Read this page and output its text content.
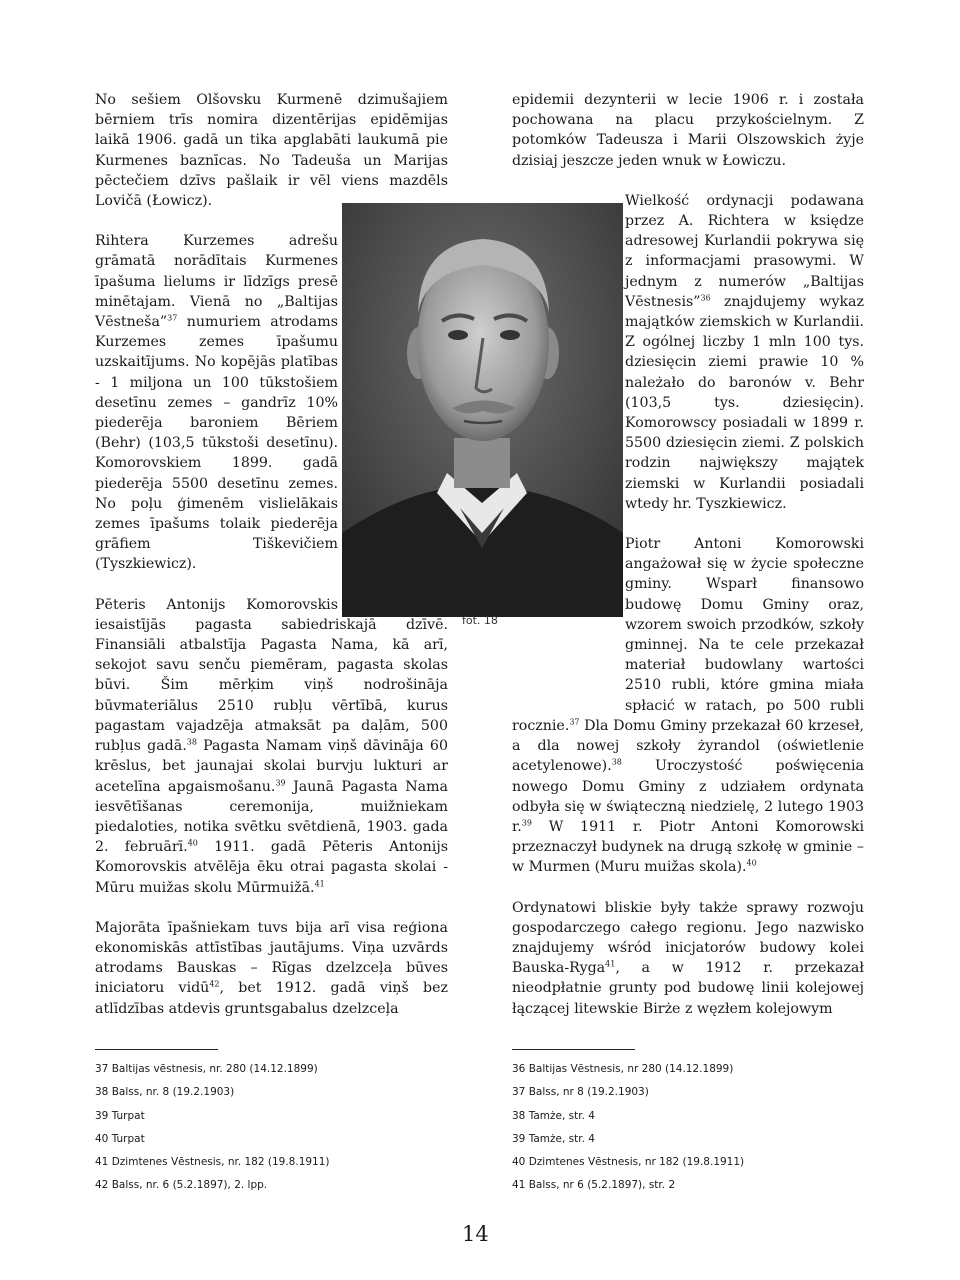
No sešiem Olšovsku Kurmenē dzimušajiem bērniem trīs nomira dizentērijas epidēmijas laikā 1906. gadā un tika apglabāti laukumā pie Kurmenes baznīcas. No Tadeuša un Marijas pēctečiem dzīvs pašlaik ir vēl viens mazdēls Lovičā (Łowicz).

Rihtera Kurzemes adrešu grāmatā norādītais Kurmenes īpašuma lielums ir līdzīgs presē minētajam. Vienā no „Baltijas Vēstneša”$^{37}$ numuriem atrodams Kurzemes zemes īpašumu uzskaitījums. No kopējās platības - 1 miljona un 100 tūkstošiem desetīnu zemes – gandrīz 10% piederēja baroniem Bēriem (Behr) (103,5 tūkstoši desetīnu). Komorovskiem 1899. gadā piederēja 5500 desetīnu zemes. No poļu ģimenēm vislielākais zemes īpašums tolaik piederēja grāfiem Tiškevičiem (Tyszkiewicz).

Pēteris Antonijs Komorovskis iesaistījās pagasta sabiedriskajā dzīvē. Finansiāli atbalstīja Pagasta Nama, kā arī, sekojot savu senču piemēram, pagasta skolas būvi. Šim mērķim viņš nodrošināja būvmateriālus 2510 rubļu vērtībā, kurus pagastam vajadzēja atmaksāt pa daļām, 500 rubļus gadā.$^{38}$ Pagasta Namam viņš dāvināja 60 krēslus, bet jaunajai skolai burvju lukturi ar acetelīna apgaismošanu.$^{39}$ Jaunā Pagasta Nama iesvētīšanas ceremonija, muižniekam piedaloties, notika svētku svētdienā, 1903. gada 2. februārī.$^{40}$ 1911. gadā Pēteris Antonijs Komorovskis atvēlēja ēku otrai pagasta skolai - Mūru muižas skolu Mūrmuižā.$^{41}$

Majorāta īpašniekam tuvs bija arī visa reģiona ekonomiskās attīstības jautājums. Viņa uzvārds atrodams Bauskas – Rīgas dzelzceļa būves iniciatoru vidū$^{42}$, bet 1912. gadā viņš bez atlīdzības atdevis gruntsgabalus dzelzceļa

epidemii dezynterii w lecie 1906 r. i została pochowana na placu przykościelnym. Z potomków Tadeusza i Marii Olszowskich żyje dzisiaj jeszcze jeden wnuk w Łowiczu.

Wielkość ordynacji podawana przez A. Richtera w księdze adresowej Kurlandii pokrywa się z informacjami prasowymi. W jednym z numerów „Baltijas Vēstnesis”$^{36}$ znajdujemy wykaz majątków ziemskich w Kurlandii. Z ogólnej liczby 1 mln 100 tys. dziesięcin ziemi prawie 10 % należało do baronów v. Behr (103,5 tys. dziesięcin). Komorowscy posiadali w 1899 r. 5500 dziesięcin ziemi. Z polskich rodzin największy majątek ziemski w Kurlandii posiadali wtedy hr. Tyszkiewicz.

Piotr Antoni Komorowski angażował się w życie społeczne gminy. Wsparł finansowo budowę Domu Gminy oraz, wzorem swoich przodków, szkoły gminnej. Na te cele przekazał materiał budowlany wartości 2510 rubli, które gmina miała spłacić w ratach, po 500 rubli rocznie.$^{37}$ Dla Domu Gminy przekazał 60 krzeseł, a dla nowej szkoły żyrandol (oświetlenie acetylenowe).$^{38}$ Uroczystość poświęcenia nowego Domu Gminy z udziałem ordynata odbyła się w świąteczną niedzielę, 2 lutego 1903 r.$^{39}$ W 1911 r. Piotr Antoni Komorowski przeznaczył budynek na drugą szkołę w gminie – w Murmen (Muru muižas skola).$^{40}$

Ordynatowi bliskie były także sprawy rozwoju gospodarczego całego regionu. Jego nazwisko znajdujemy wśród inicjatorów budowy kolei Bauska-Ryga$^{41}$, a w 1912 r. przekazał nieodpłatnie grunty pod budowę linii kolejowej łączącej litewskie Birże z węzłem kolejowym

fot. 18
37 Baltijas vēstnesis, nr. 280 (14.12.1899)
38 Balss, nr. 8 (19.2.1903)
39 Turpat
40 Turpat
41 Dzimtenes Vēstnesis, nr. 182 (19.8.1911)
42 Balss, nr. 6 (5.2.1897), 2. lpp.
36 Baltijas Vēstnesis, nr 280 (14.12.1899)
37 Balss, nr 8 (19.2.1903)
38 Tamże, str. 4
39 Tamże, str. 4
40 Dzimtenes Vēstnesis, nr 182 (19.8.1911)
41 Balss, nr 6 (5.2.1897), str. 2
14
